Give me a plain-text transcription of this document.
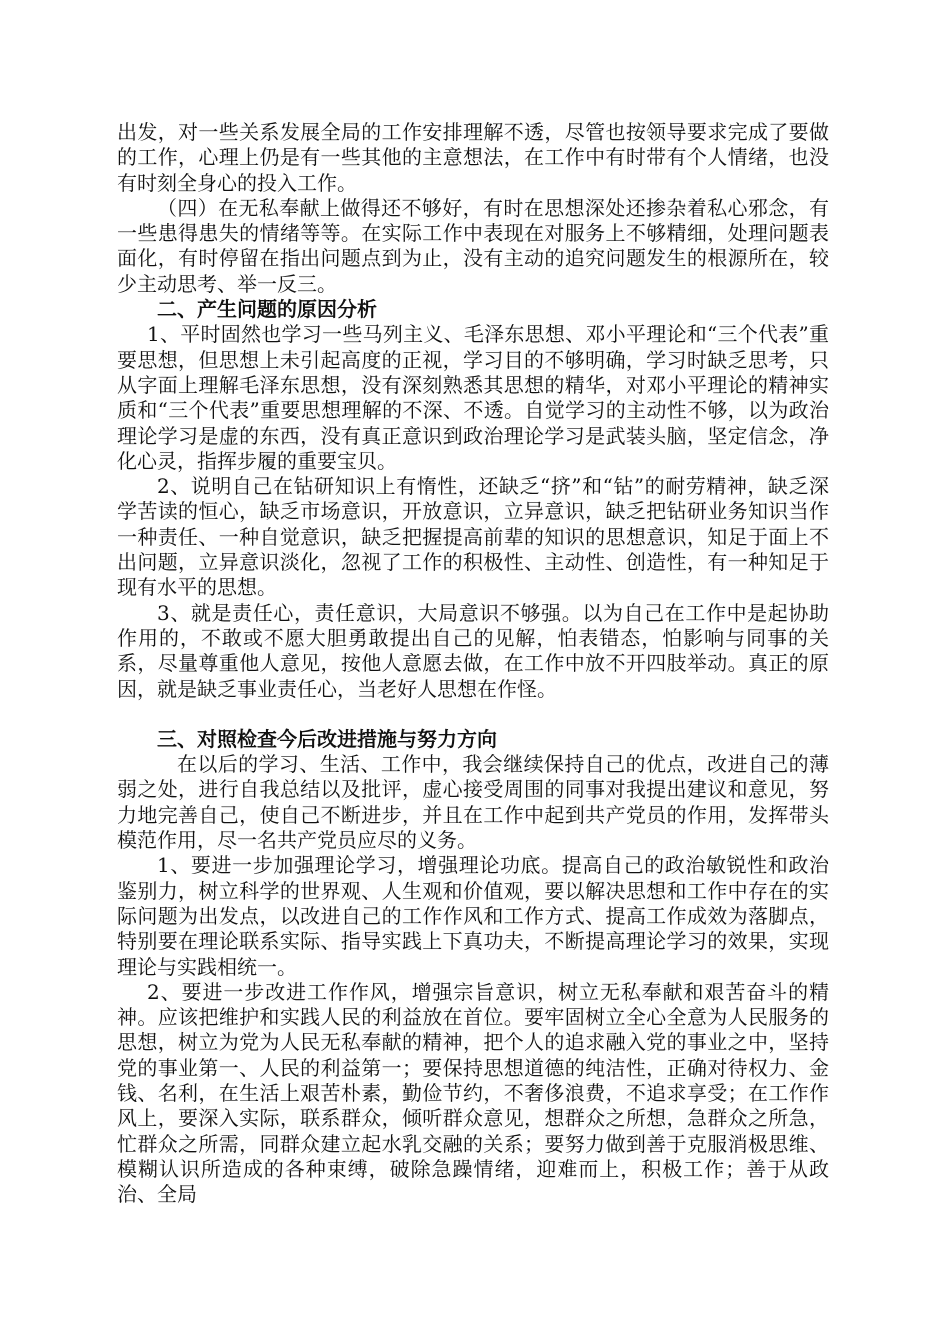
出发，对一些关系发展全局的工作安排理解不透，尽管也按领导要求完成了要做的工作，心理上仍是有一些其他的主意想法，在工作中有时带有个人情绪，也没有时刻全身心的投入工作。

（四）在无私奉献上做得还不够好，有时在思想深处还掺杂着私心邪念，有一些患得患失的情绪等等。在实际工作中表现在对服务上不够精细，处理问题表面化，有时停留在指出问题点到为止，没有主动的追究问题发生的根源所在，较少主动思考、举一反三。

二、产生问题的原因分析

1、平时固然也学习一些马列主义、毛泽东思想、邓小平理论和“三个代表”重要思想，但思想上未引起高度的正视，学习目的不够明确，学习时缺乏思考，只从字面上理解毛泽东思想，没有深刻熟悉其思想的精华，对邓小平理论的精神实质和“三个代表”重要思想理解的不深、不透。自觉学习的主动性不够，以为政治理论学习是虚的东西，没有真正意识到政治理论学习是武装头脑，坚定信念，净化心灵，指挥步履的重要宝贝。

2、说明自己在钻研知识上有惰性，还缺乏“挤”和“钻”的耐劳精神，缺乏深学苦读的恒心，缺乏市场意识，开放意识，立异意识，缺乏把钻研业务知识当作一种责任、一种自觉意识，缺乏把握提高前辈的知识的思想意识，知足于面上不出问题，立异意识淡化，忽视了工作的积极性、主动性、创造性，有一种知足于现有水平的思想。

3、就是责任心，责任意识，大局意识不够强。以为自己在工作中是起协助作用的，不敢或不愿大胆勇敢提出自己的见解，怕表错态，怕影响与同事的关系，尽量尊重他人意见，按他人意愿去做，在工作中放不开四肢举动。真正的原因，就是缺乏事业责任心，当老好人思想在作怪。

三、对照检查今后改进措施与努力方向

在以后的学习、生活、工作中，我会继续保持自己的优点，改进自己的薄弱之处，进行自我总结以及批评，虚心接受周围的同事对我提出建议和意见，努力地完善自己，使自己不断进步，并且在工作中起到共产党员的作用，发挥带头模范作用，尽一名共产党员应尽的义务。

1、要进一步加强理论学习，增强理论功底。提高自己的政治敏锐性和政治鉴别力，树立科学的世界观、人生观和价值观，要以解决思想和工作中存在的实际问题为出发点，以改进自己的工作作风和工作方式、提高工作成效为落脚点，特别要在理论联系实际、指导实践上下真功夫，不断提高理论学习的效果，实现理论与实践相统一。

2、要进一步改进工作作风，增强宗旨意识，树立无私奉献和艰苦奋斗的精神。应该把维护和实践人民的利益放在首位。要牢固树立全心全意为人民服务的思想，树立为党为人民无私奉献的精神，把个人的追求融入党的事业之中，坚持党的事业第一、人民的利益第一；要保持思想道德的纯洁性，正确对待权力、金钱、名利，在生活上艰苦朴素，勤俭节约，不奢侈浪费，不追求享受；在工作作风上，要深入实际，联系群众，倾听群众意见，想群众之所想，急群众之所急，忙群众之所需，同群众建立起水乳交融的关系；要努力做到善于克服消极思维、模糊认识所造成的各种束缚，破除急躁情绪，迎难而上，积极工作；善于从政治、全局
